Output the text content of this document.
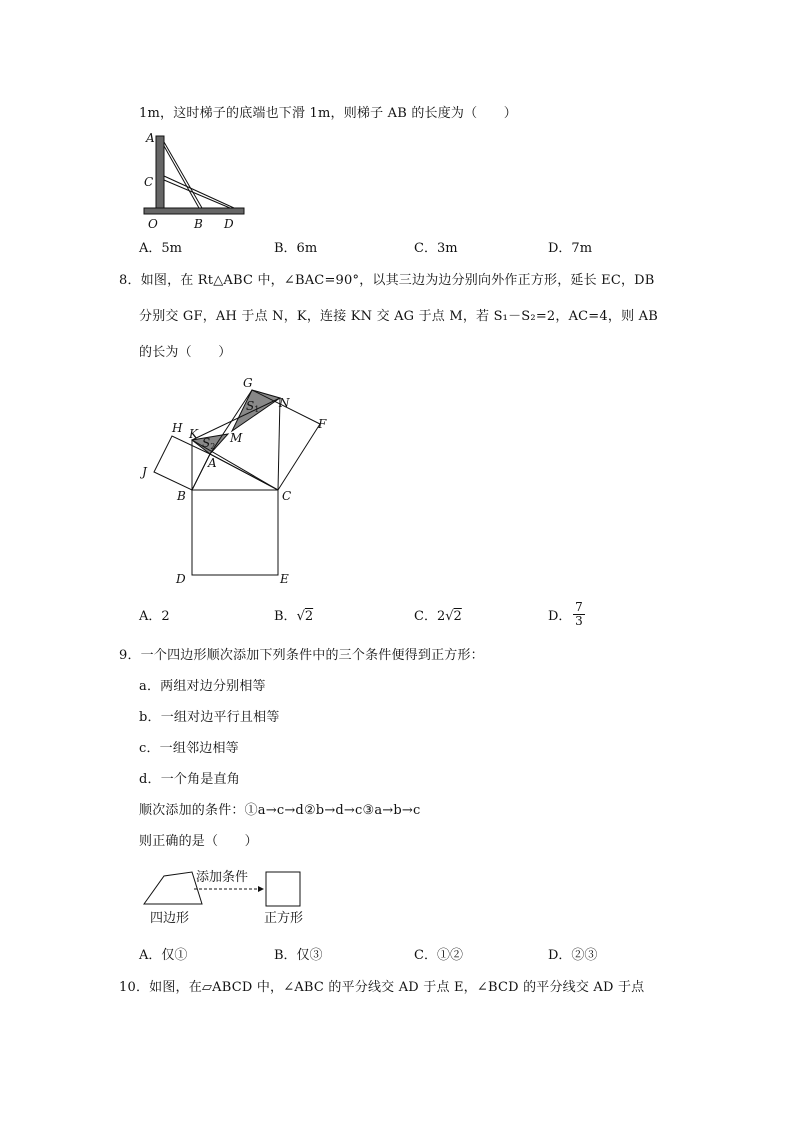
1m，这时梯子的底端也下滑 1m，则梯子 AB 的长度为（　　）
A
C
O	B D
A．5m	B．6m	C．3m	D．7m
8．如图，在 Rt△ABC 中，∠BAC=90°，以其三边为边分别向外作正方形，延长 EC，DB
分别交 GF，AH 于点 N，K，连接 KN 交 AG 于点 M，若 S₁－S₂=2，AC=4，则 AB
的长为（　　）
G
N
F
H K	M
J
A
B	C
D	E
S1
S2
A．2	B．√2	C．2√2	D． $\frac{7}{3}$
9．一个四边形顺次添加下列条件中的三个条件便得到正方形：
a．两组对边分别相等
b．一组对边平行且相等
c．一组邻边相等
d．一个角是直角
顺次添加的条件：①a→c→d②b→d→c③a→b→c
则正确的是（　　）
添加条件
四边形	正方形
A．仅①	B．仅③	C．①②	D．②③
10．如图，在▱ABCD 中，∠ABC 的平分线交 AD 于点 E，∠BCD 的平分线交 AD 于点
